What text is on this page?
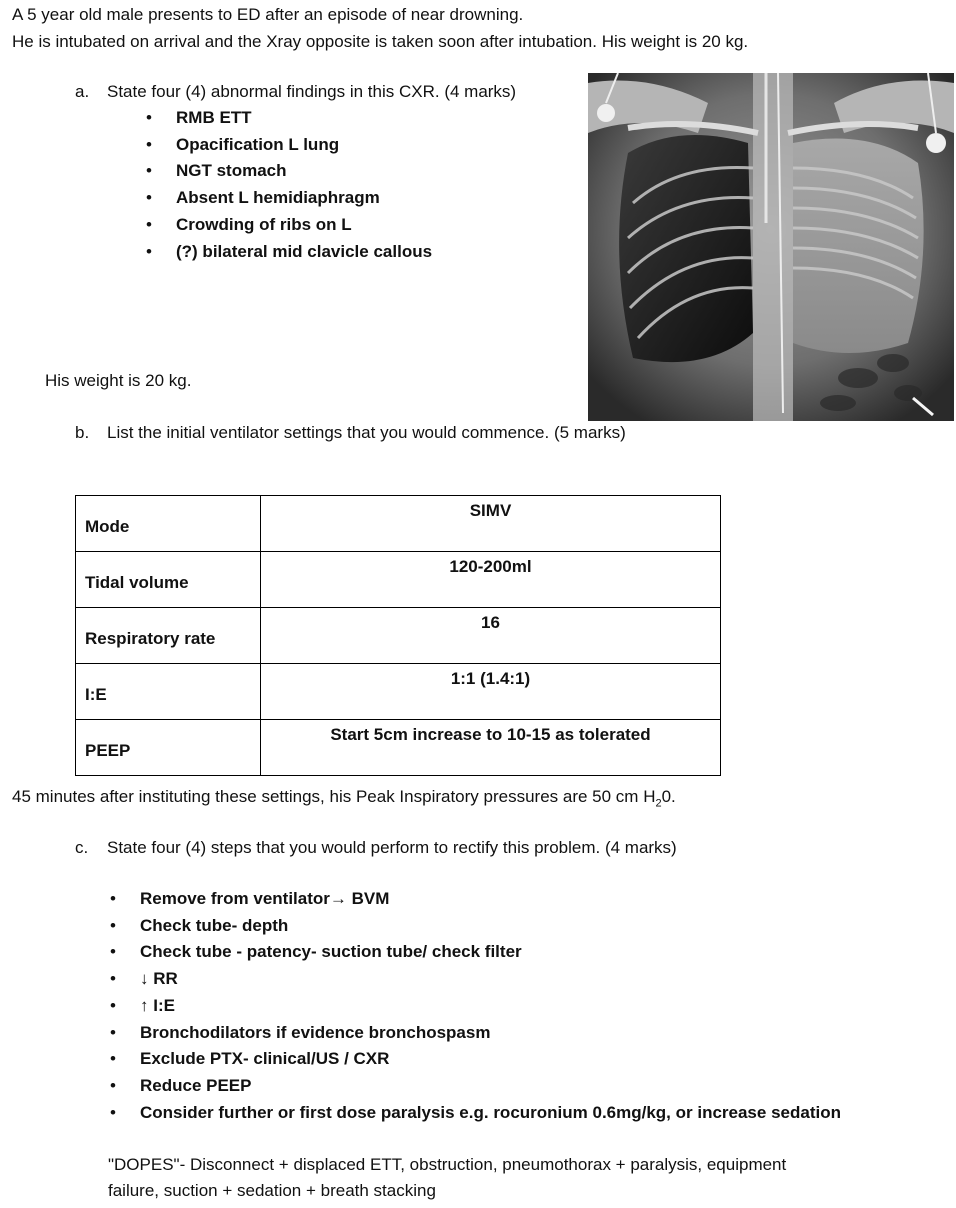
A 5 year old male presents to ED after an episode of near drowning.
He is intubated on arrival and the Xray opposite is taken soon after intubation. His weight is 20 kg.
a. State four (4) abnormal findings in this CXR. (4 marks)
• RMB ETT
• Opacification L lung
• NGT stomach
• Absent L hemidiaphragm
• Crowding of ribs on L
• (?) bilateral mid clavicle callous
His weight is 20 kg.
b. List the initial ventilator settings that you would commence. (5 marks)
Mode	SIMV
Tidal volume	120-200ml
Respiratory rate	16
I:E	1:1 (1.4:1)
PEEP	Start 5cm increase to 10-15 as tolerated
45 minutes after instituting these settings, his Peak Inspiratory pressures are 50 cm $H_20$.
c. State four (4) steps that you would perform to rectify this problem. (4 marks)
• Remove from ventilator→ BVM
• Check tube- depth
• Check tube - patency- suction tube/ check filter
• ↓ RR
• ↑ I:E
• Bronchodilators if evidence bronchospasm
• Exclude PTX- clinical/US / CXR
• Reduce PEEP
• Consider further or first dose paralysis e.g. rocuronium 0.6mg/kg, or increase sedation
"DOPES"- Disconnect + displaced ETT, obstruction, pneumothorax + paralysis, equipment
failure, suction + sedation + breath stacking
